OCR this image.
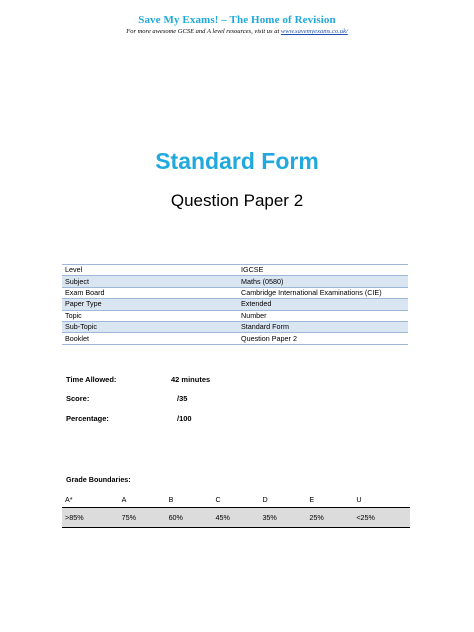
Save My Exams! – The Home of Revision
For more awesome GCSE and A level resources, visit us at www.savemyexams.co.uk/
Standard Form
Question Paper 2
Level	IGCSE
Subject	Maths (0580)
Exam Board	Cambridge International Examinations (CIE)
Paper Type	Extended
Topic	Number
Sub-Topic	Standard Form
Booklet	Question Paper 2
Time Allowed:	42 minutes
Score:	/35
Percentage:	/100
Grade Boundaries:
A*	A	B	C	D	E	U
>85%	75%	60%	45%	35%	25%	<25%
